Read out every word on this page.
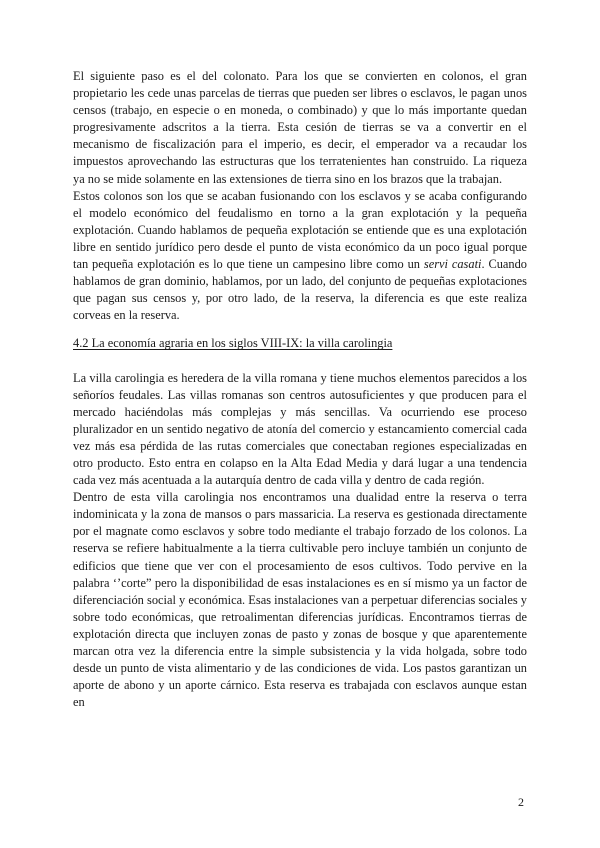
El siguiente paso es el del colonato. Para los que se convierten en colonos, el gran propietario les cede unas parcelas de tierras que pueden ser libres o esclavos, le pagan unos censos (trabajo, en especie o en moneda, o combinado) y que lo más importante quedan progresivamente adscritos a la tierra. Esta cesión de tierras se va a convertir en el mecanismo de fiscalización para el imperio, es decir, el emperador va a recaudar los impuestos aprovechando las estructuras que los terratenientes han construido. La riqueza ya no se mide solamente en las extensiones de tierra sino en los brazos que la trabajan.

Estos colonos son los que se acaban fusionando con los esclavos y se acaba configurando el modelo económico del feudalismo en torno a la gran explotación y la pequeña explotación. Cuando hablamos de pequeña explotación se entiende que es una explotación libre en sentido jurídico pero desde el punto de vista económico da un poco igual porque tan pequeña explotación es lo que tiene un campesino libre como un servi casati. Cuando hablamos de gran dominio, hablamos, por un lado, del conjunto de pequeñas explotaciones que pagan sus censos y, por otro lado, de la reserva, la diferencia es que este realiza corveas en la reserva.

4.2 La economía agraria en los siglos VIII-IX: la villa carolingia

La villa carolingia es heredera de la villa romana y tiene muchos elementos parecidos a los señoríos feudales. Las villas romanas son centros autosuficientes y que producen para el mercado haciéndolas más complejas y más sencillas. Va ocurriendo ese proceso pluralizador en un sentido negativo de atonía del comercio y estancamiento comercial cada vez más esa pérdida de las rutas comerciales que conectaban regiones especializadas en otro producto. Esto entra en colapso en la Alta Edad Media y dará lugar a una tendencia cada vez más acentuada a la autarquía dentro de cada villa y dentro de cada región.

Dentro de esta villa carolingia nos encontramos una dualidad entre la reserva o terra indominicata y la zona de mansos o pars massaricia. La reserva es gestionada directamente por el magnate como esclavos y sobre todo mediante el trabajo forzado de los colonos. La reserva se refiere habitualmente a la tierra cultivable pero incluye también un conjunto de edificios que tiene que ver con el procesamiento de esos cultivos. Todo pervive en la palabra ‘’corte” pero la disponibilidad de esas instalaciones es en sí mismo ya un factor de diferenciación social y económica. Esas instalaciones van a perpetuar diferencias sociales y sobre todo económicas, que retroalimentan diferencias jurídicas. Encontramos tierras de explotación directa que incluyen zonas de pasto y zonas de bosque y que aparentemente marcan otra vez la diferencia entre la simple subsistencia y la vida holgada, sobre todo desde un punto de vista alimentario y de las condiciones de vida. Los pastos garantizan un aporte de abono y un aporte cárnico. Esta reserva es trabajada con esclavos aunque estan en

2
